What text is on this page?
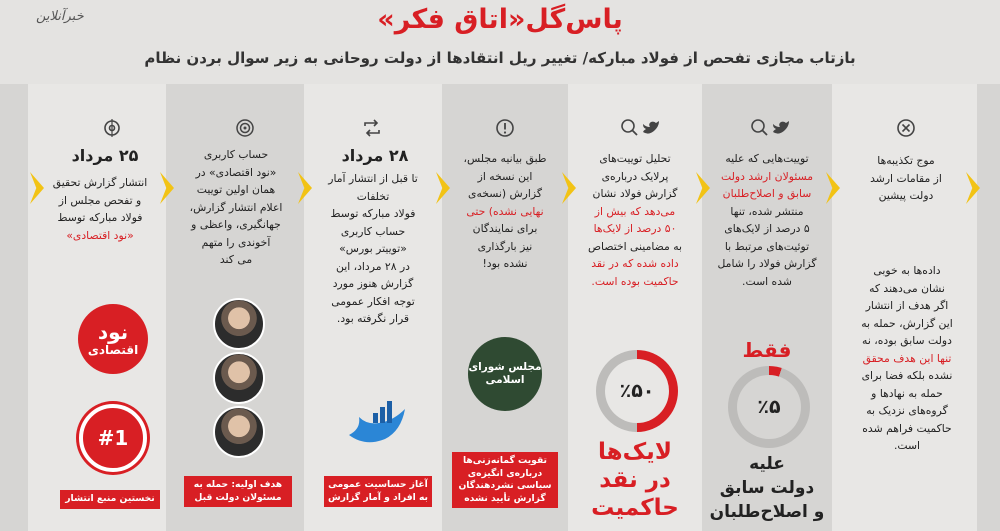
خبرآنلاین	پاس‌گل«اتاق فکر»
بازتاب مجازی تفحص از فولاد مبارکه/ تغییر ریل انتقادها از دولت روحانی به زیر سوال بردن نظام
۲۵ مرداد
انتشار گزارش تحقیق
و تفحص مجلس از
فولاد مبارکه توسط
«نود اقتصادی»
نود
اقتصادی
#1
نخستین منبع انتشار
حساب کاربری
«نود اقتصادی» در
همان اولین توییت
اعلام انتشار گزارش،
جهانگیری، واعظی و
آخوندی را متهم
می کند
هدف اولیه: حمله به
مسئولان دولت قبل
۲۸ مرداد
تا قبل از انتشار آمار
تخلفات
فولاد مبارکه توسط
حساب کاربری
«توییتر بورس»
در ۲۸ مرداد، این
گزارش هنوز مورد
توجه افکار عمومی
قرار نگرفته بود.
آغاز حساسیت عمومی
به افراد و آمار گزارش
طبق بیانیه مجلس،
این نسخه از
گزارش (نسخه‌ی
نهایی نشده) حتی
برای نمایندگان
نیز بارگذاری
نشده بود!
مجلس شورای اسلامی
تقویت گمانه‌زنی‌ها
درباره‌ی انگیزه‌ی
سیاسی نشردهندگان
گزارش تأیید نشده
تحلیل توییت‌های
پرلایک درباره‌ی
گزارش فولاد نشان
می‌دهد که بیش از
۵۰ درصد از لایک‌ها
به مضامینی اختصاص
داده شده که در نقد
حاکمیت بوده است.
٪۵۰
لایک‌ها
در نقد
حاکمیت
توییت‌هایی که علیه
مسئولان ارشد دولت
سابق و اصلاح‌طلبان
منتشر شده، تنها
۵ درصد از لایک‌های
توئیت‌های مرتبط با
گزارش فولاد را شامل
شده است.
فقط
٪۵
علیه
دولت سابق
و اصلاح‌طلبان
موج تکذیبه‌ها
از مقامات ارشد
دولت پیشین
داده‌ها به خوبی
نشان می‌دهند که
اگر هدف از انتشار
این گزارش، حمله به
دولت سابق بوده، نه
تنها این هدف محقق
نشده بلکه فضا برای
حمله به نهادها و
گروه‌های نزدیک به
حاکمیت فراهم شده
است.
